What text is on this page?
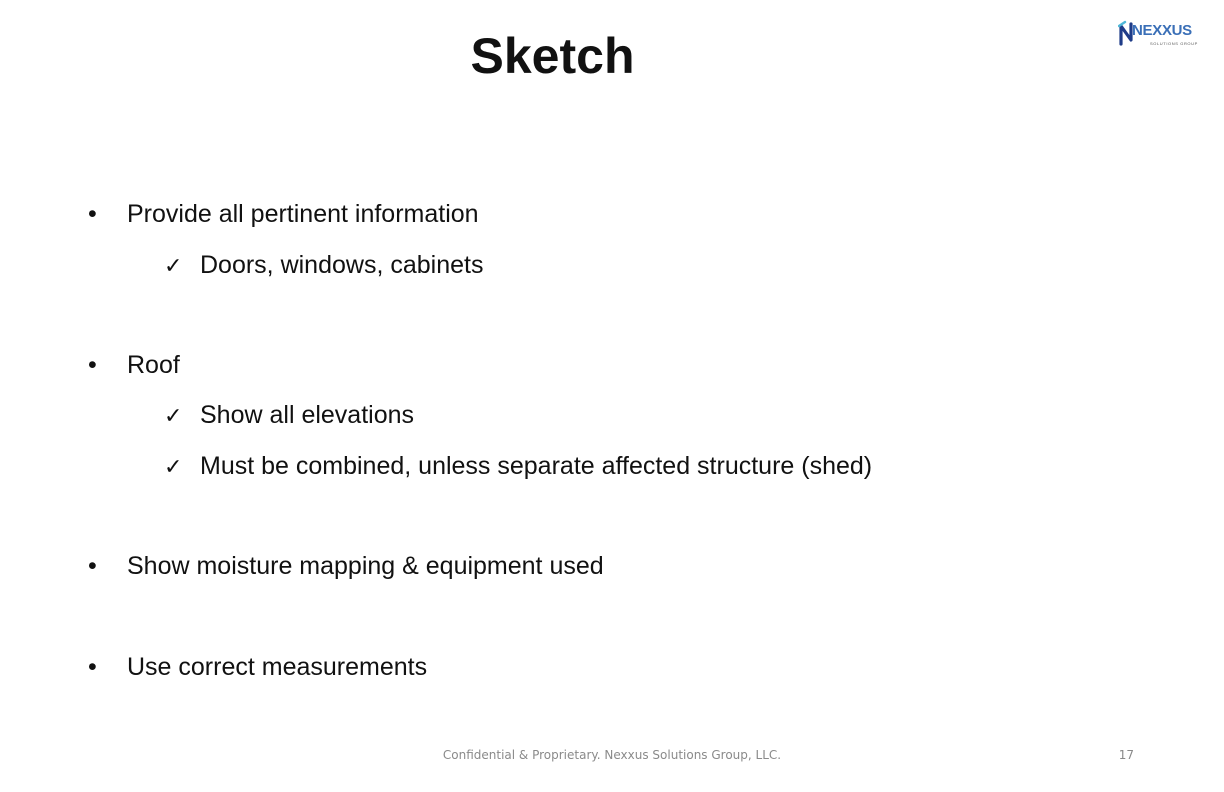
Sketch	NEXXUS
SOLUTIONS GROUP
• Provide all pertinent information
✓ Doors, windows, cabinets
• Roof
✓ Show all elevations
✓ Must be combined, unless separate affected structure (shed)
• Show moisture mapping & equipment used
• Use correct measurements
Confidential & Proprietary. Nexxus Solutions Group, LLC.	17
